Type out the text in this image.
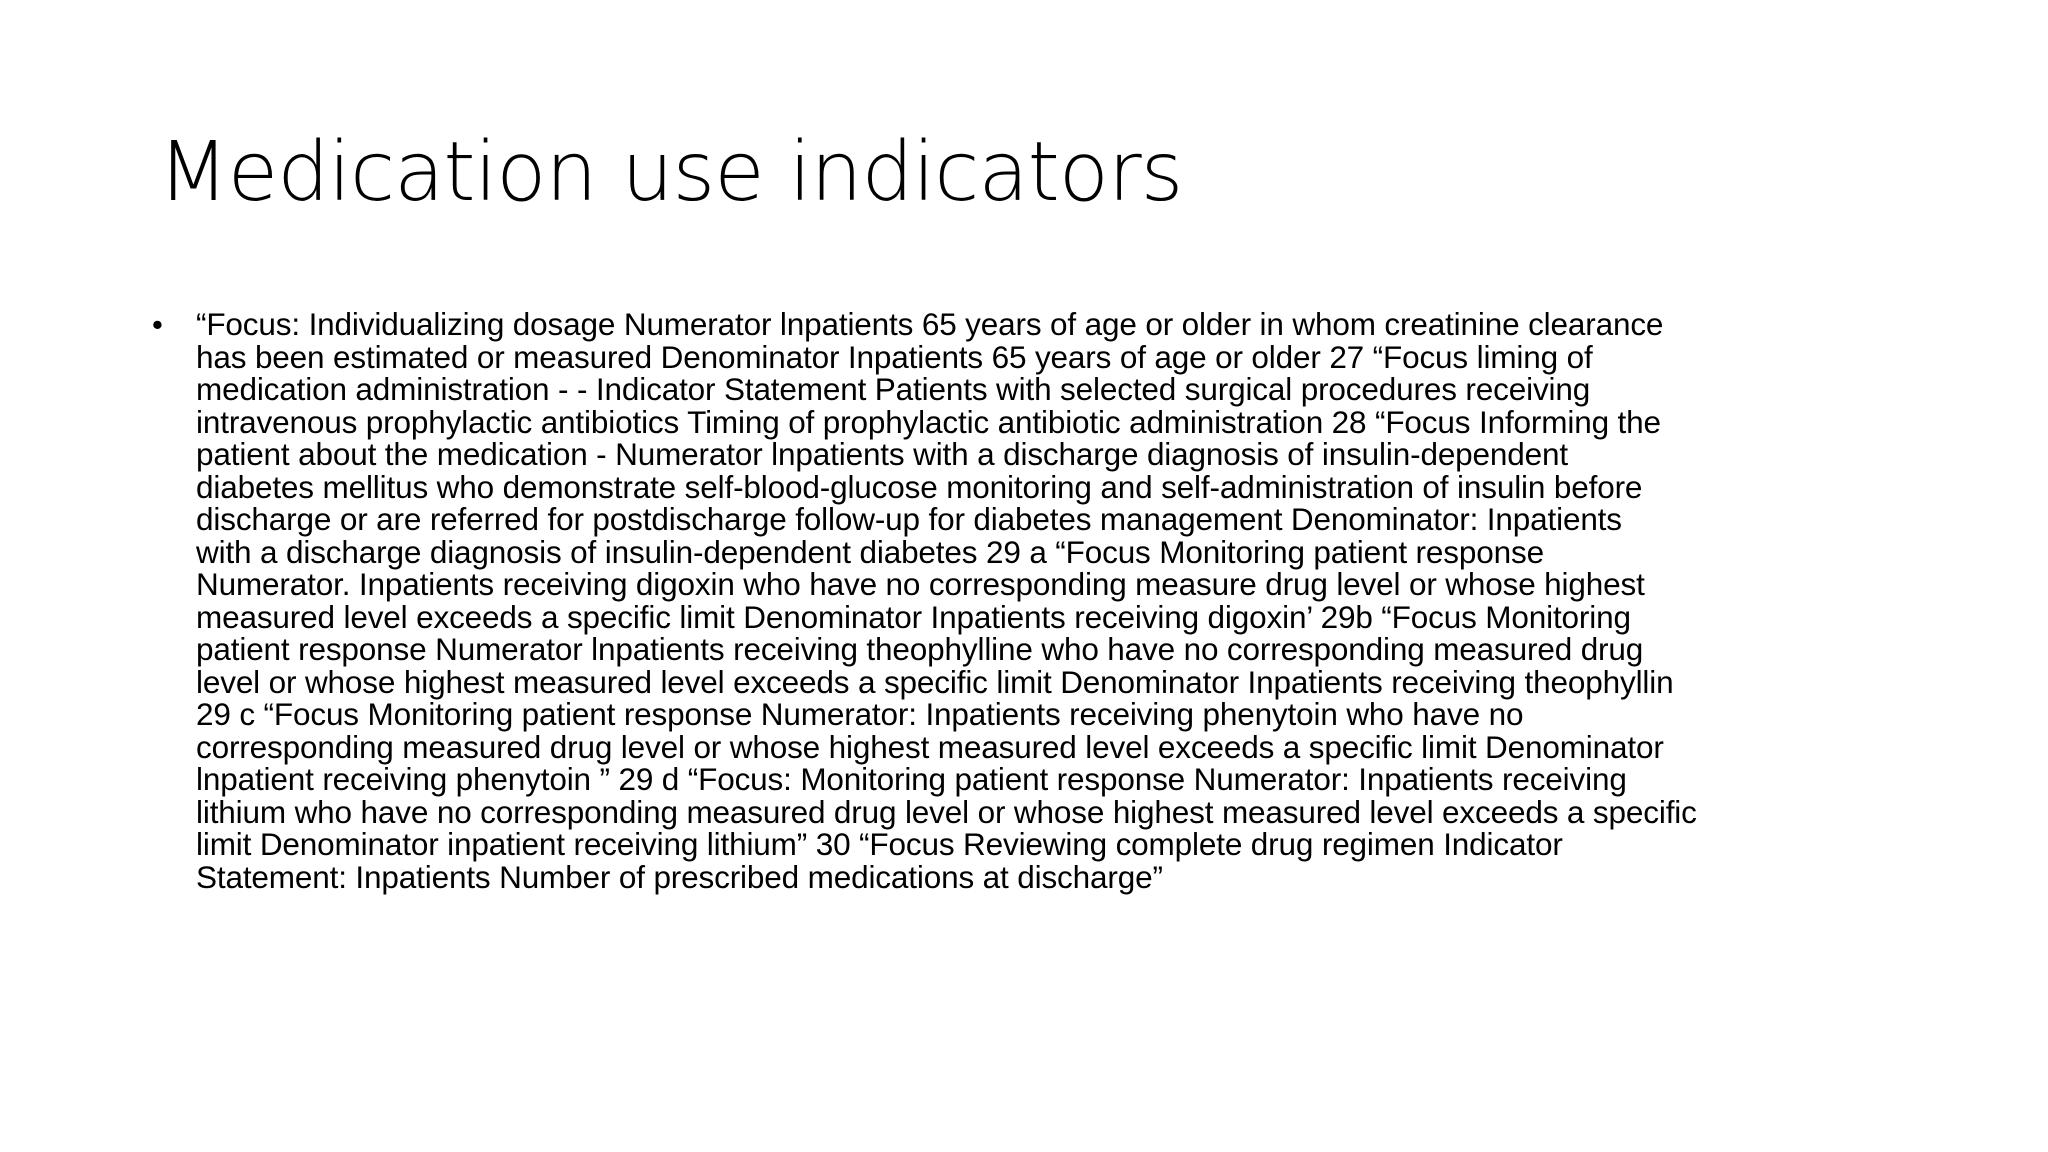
Medication use indicators
• “Focus: Individualizing dosage Numerator lnpatients 65 years of age or older in whom creatinine clearance
has been estimated or measured Denominator Inpatients 65 years of age or older 27 “Focus liming of
medication administration - - Indicator Statement Patients with selected surgical procedures receiving
intravenous prophylactic antibiotics Timing of prophylactic antibiotic administration 28 “Focus Informing the
patient about the medication - Numerator lnpatients with a discharge diagnosis of insulin-dependent
diabetes mellitus who demonstrate self-blood-glucose monitoring and self-administration of insulin before
discharge or are referred for postdischarge follow-up for diabetes management Denominator: Inpatients
with a discharge diagnosis of insulin-dependent diabetes 29 a “Focus Monitoring patient response
Numerator. Inpatients receiving digoxin who have no corresponding measure drug level or whose highest
measured level exceeds a specific limit Denominator Inpatients receiving digoxin’ 29b “Focus Monitoring
patient response Numerator lnpatients receiving theophylline who have no corresponding measured drug
level or whose highest measured level exceeds a specific limit Denominator Inpatients receiving theophyllin
29 c “Focus Monitoring patient response Numerator: Inpatients receiving phenytoin who have no
corresponding measured drug level or whose highest measured level exceeds a specific limit Denominator
lnpatient receiving phenytoin ” 29 d “Focus: Monitoring patient response Numerator: Inpatients receiving
lithium who have no corresponding measured drug level or whose highest measured level exceeds a specific
limit Denominator inpatient receiving lithium” 30 “Focus Reviewing complete drug regimen Indicator
Statement: Inpatients Number of prescribed medications at discharge”
